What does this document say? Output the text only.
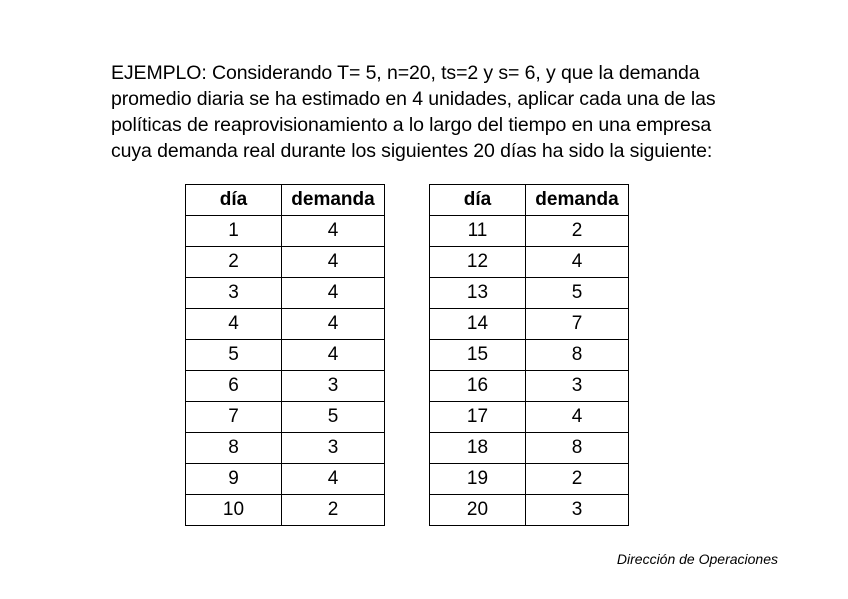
EJEMPLO: Considerando T= 5, n=20, ts=2 y s= 6, y que la demanda
promedio diaria se ha estimado en 4 unidades, aplicar cada una de las
políticas de reaprovisionamiento a lo largo del tiempo en una empresa
cuya demanda real durante los siguientes 20 días ha sido la siguiente:
día	demanda
1	4
2	4
3	4
4	4
5	4
6	3
7	5
8	3
9	4
10	2
día	demanda
11	2
12	4
13	5
14	7
15	8
16	3
17	4
18	8
19	2
20	3
Dirección de Operaciones
